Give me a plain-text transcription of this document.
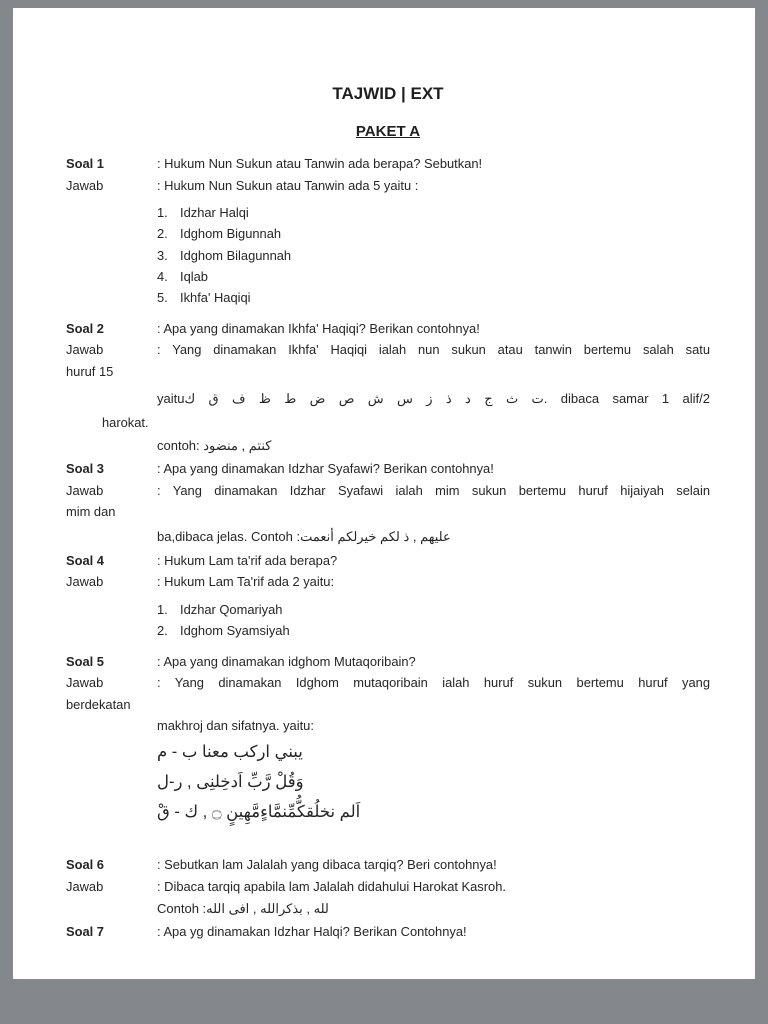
TAJWID | EXT
PAKET A
Soal 1	: Hukum Nun Sukun atau Tanwin ada berapa? Sebutkan!
Jawab	: Hukum Nun Sukun atau Tanwin ada 5 yaitu :
1. Idzhar Halqi
2. Idghom Bigunnah
3. Idghom Bilagunnah
4. Iqlab
5. Ikhfa' Haqiqi
Soal 2	: Apa yang dinamakan Ikhfa' Haqiqi? Berikan contohnya!
Jawab	: Yang dinamakan Ikhfa' Haqiqi ialah nun sukun atau tanwin bertemu salah satu
huruf 15
yaituت ث ج د ذ ز س ش ص ض ط ظ ف ق ك. dibaca samar 1 alif/2
harokat.
contoh: كنتم , منضود
Soal 3	: Apa yang dinamakan Idzhar Syafawi? Berikan contohnya!
Jawab	: Yang dinamakan Idzhar Syafawi ialah mim sukun bertemu huruf hijaiyah selain
mim dan
ba,dibaca jelas. Contoh :عليهم , ذ لكم خيرلكم أنعمت
Soal 4	: Hukum Lam ta'rif ada berapa?
Jawab	: Hukum Lam Ta'rif ada 2 yaitu:
1. Idzhar Qomariyah
2. Idghom Syamsiyah
Soal 5	: Apa yang dinamakan idghom Mutaqoribain?
Jawab	: Yang dinamakan Idghom mutaqoribain ialah huruf sukun bertemu huruf yang
berdekatan
makhroj dan sifatnya. yaitu:
يبني اركب معنا ب - م
وَقُلْ رَّبِّ اَدخِلنِى , ر-ل
اَلم نخلُقكُّمِّنمَّاءٍمَّهِينٍ ۝ , ك - قْ
Soal 6	: Sebutkan lam Jalalah yang dibaca tarqiq? Beri contohnya!
Jawab	: Dibaca tarqiq apabila lam Jalalah didahului Harokat Kasroh.
Contoh :لله , بذكرالله , افى الله
Soal 7	: Apa yg dinamakan Idzhar Halqi? Berikan Contohnya!
